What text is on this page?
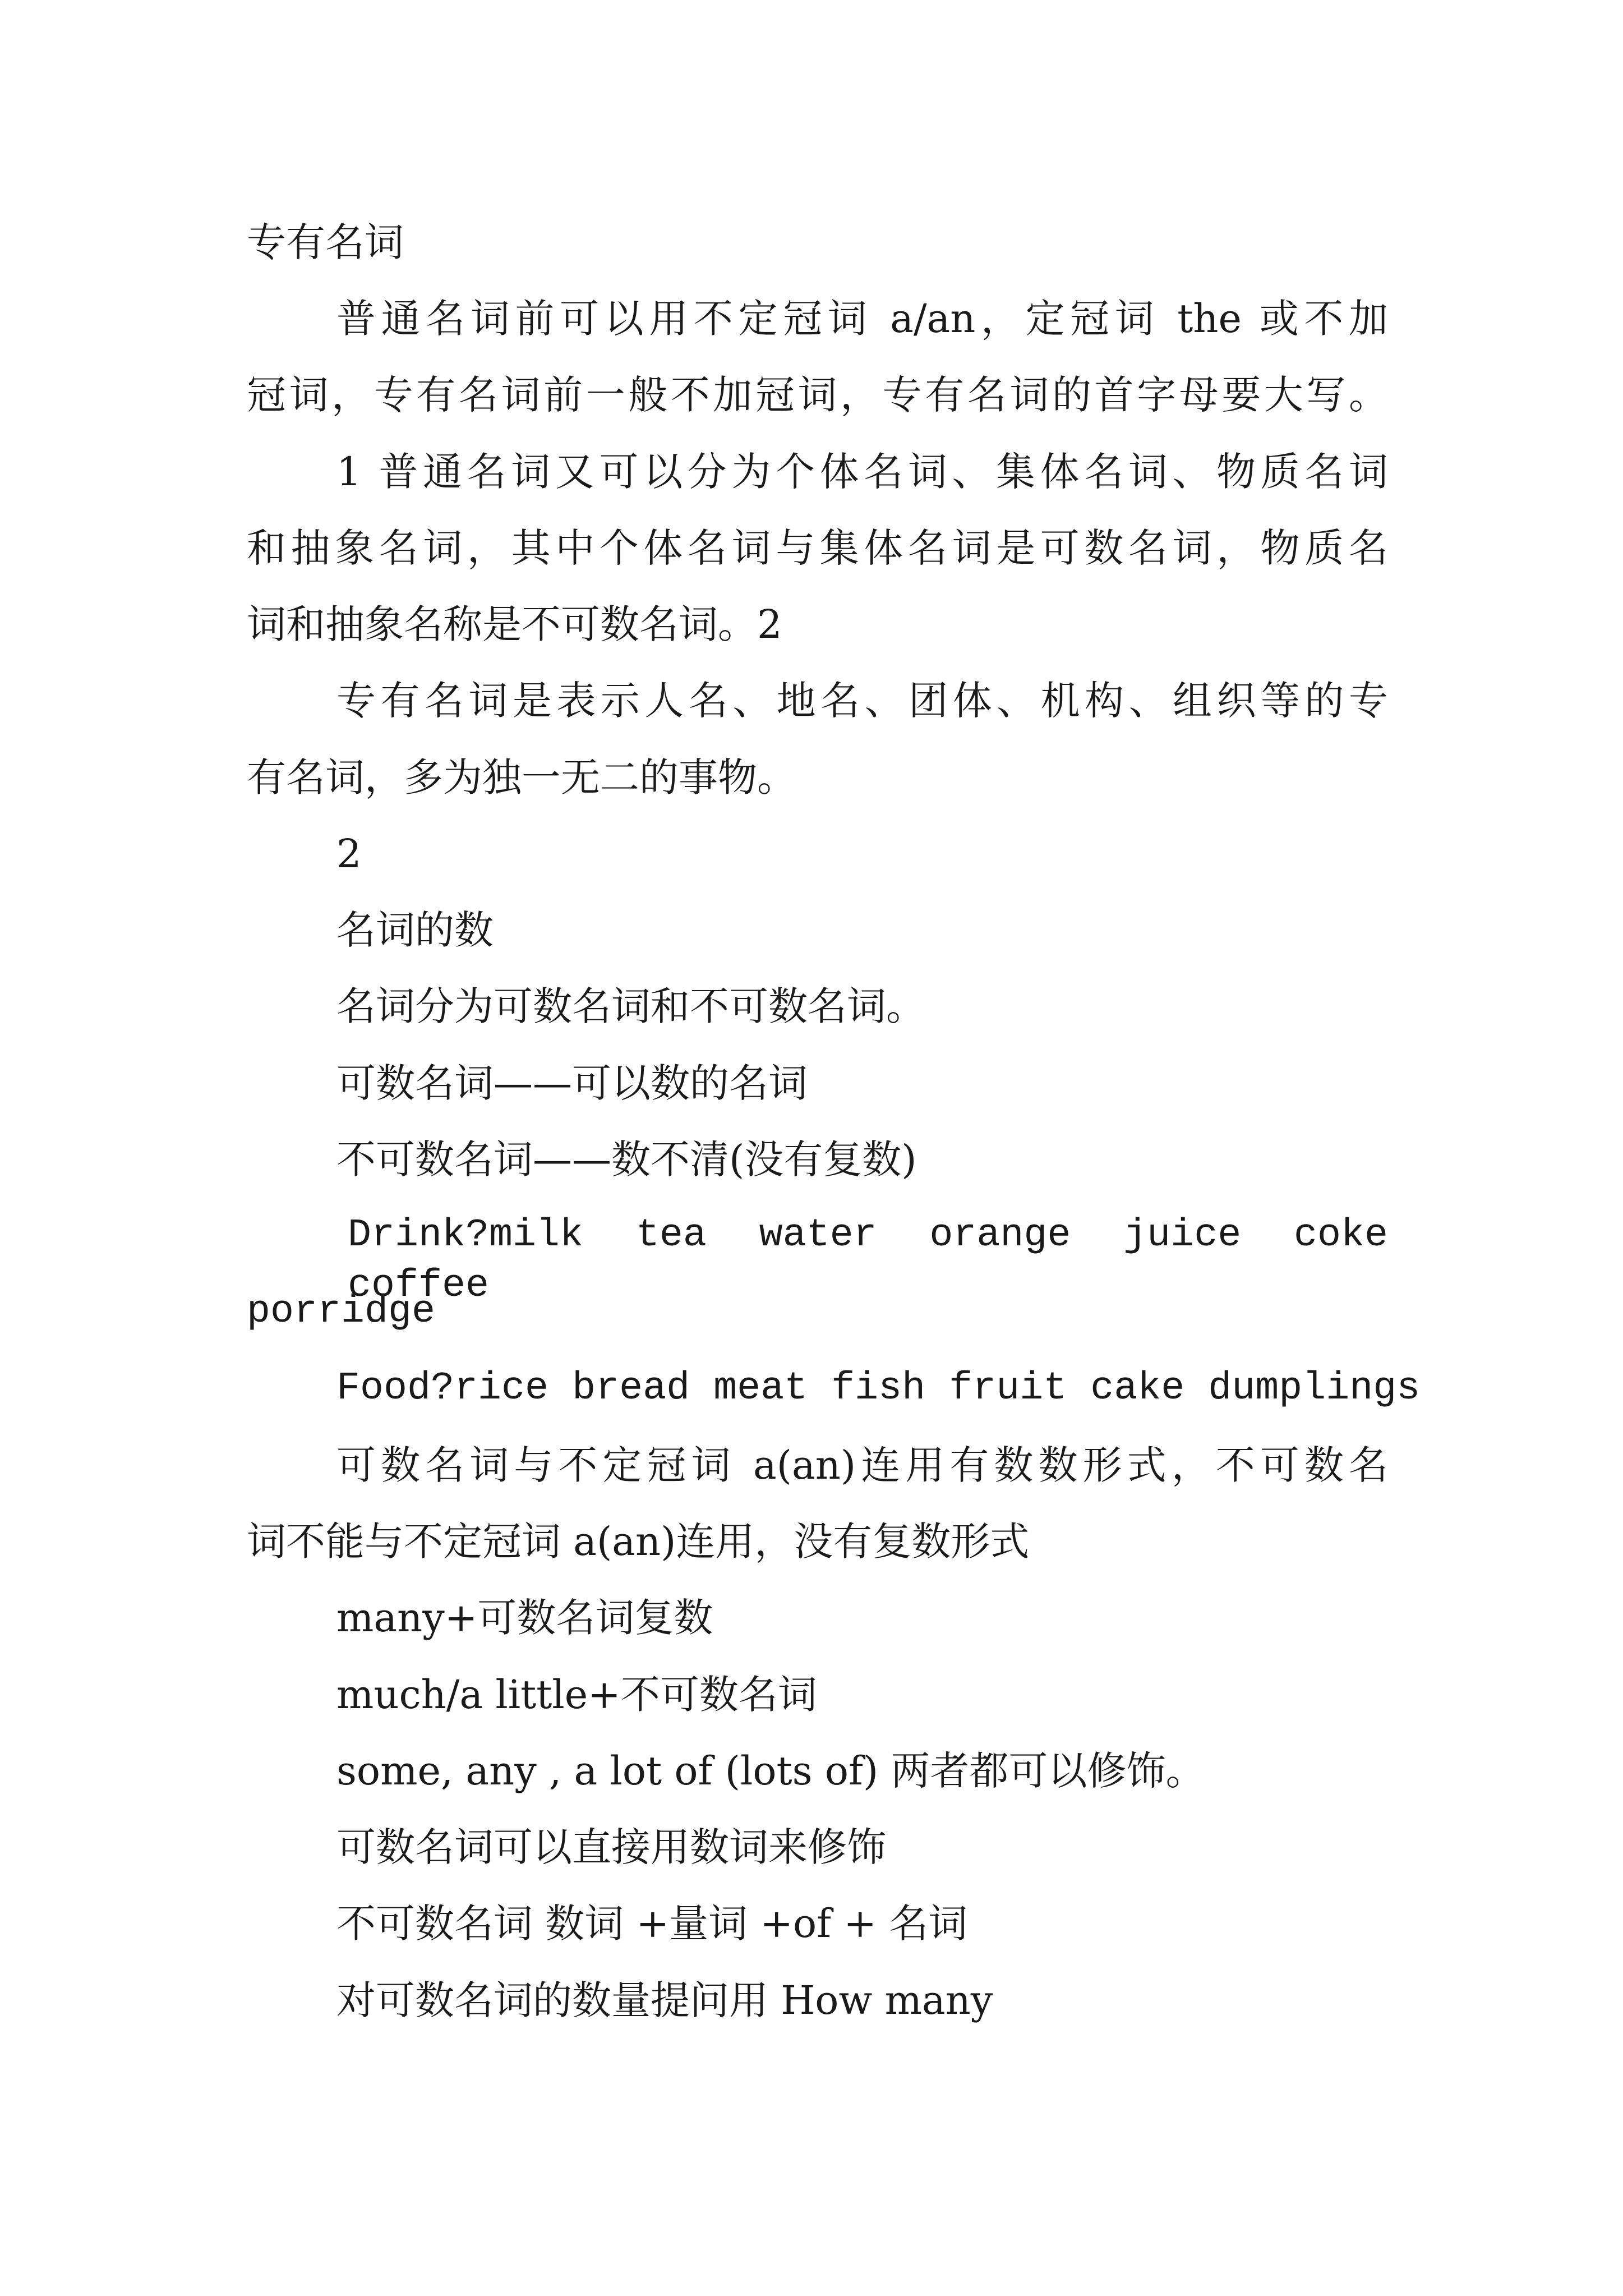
专有名词
普通名词前可以用不定冠词 a/an，定冠词 the 或不加
冠词，专有名词前一般不加冠词，专有名词的首字母要大写。
1 普通名词又可以分为个体名词、集体名词、物质名词
和抽象名词，其中个体名词与集体名词是可数名词，物质名
词和抽象名称是不可数名词。2
专有名词是表示人名、地名、团体、机构、组织等的专
有名词，多为独一无二的事物。
2
名词的数
名词分为可数名词和不可数名词。
可数名词——可以数的名词
不可数名词——数不清(没有复数)
Drink?milk tea water orange juice coke coffee
porridge
Food?rice bread meat fish fruit cake dumplings
可数名词与不定冠词 a(an)连用有数数形式，不可数名
词不能与不定冠词 a(an)连用，没有复数形式
many+可数名词复数
much/a little+不可数名词
some, any , a lot of (lots of) 两者都可以修饰。
可数名词可以直接用数词来修饰
不可数名词 数词 +量词 +of + 名词
对可数名词的数量提问用 How many
